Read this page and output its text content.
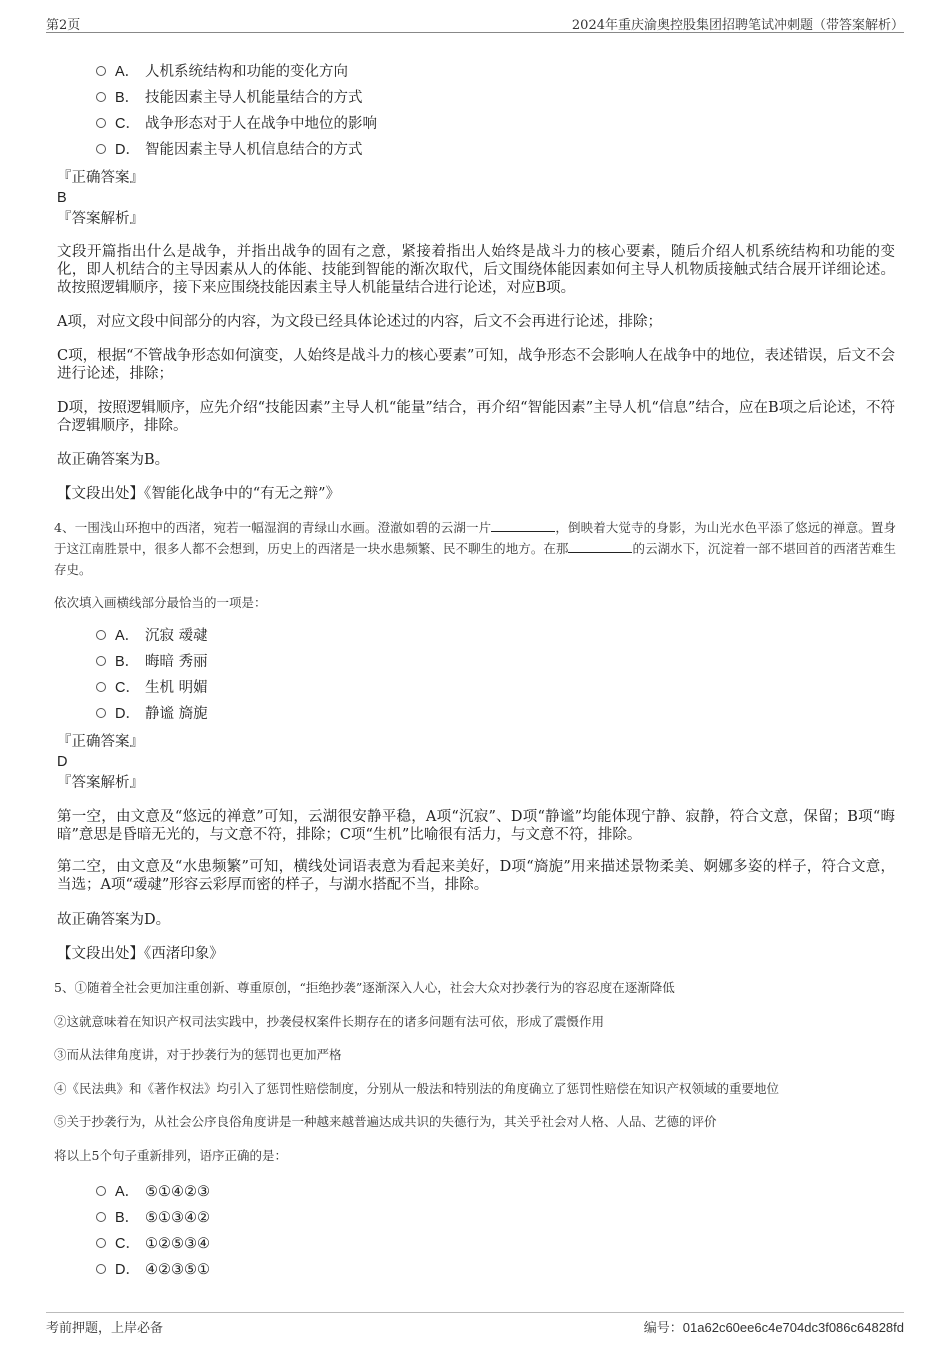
第2页	2024年重庆渝奥控股集团招聘笔试冲刺题（带答案解析）
A． 人机系统结构和功能的变化方向
B． 技能因素主导人机能量结合的方式
C． 战争形态对于人在战争中地位的影响
D． 智能因素主导人机信息结合的方式
『正确答案』
B
『答案解析』
文段开篇指出什么是战争，并指出战争的固有之意，紧接着指出人始终是战斗力的核心要素，随后介绍人机系统结构和功能的变化，即人机结合的主导因素从人的体能、技能到智能的渐次取代，后文围绕体能因素如何主导人机物质接触式结合展开详细论述。故按照逻辑顺序，接下来应围绕技能因素主导人机能量结合进行论述，对应B项。
A项，对应文段中间部分的内容，为文段已经具体论述过的内容，后文不会再进行论述，排除；
C项，根据“不管战争形态如何演变，人始终是战斗力的核心要素”可知，战争形态不会影响人在战争中的地位，表述错误，后文不会进行论述，排除；
D项，按照逻辑顺序，应先介绍“技能因素”主导人机“能量”结合，再介绍“智能因素”主导人机“信息”结合，应在B项之后论述，不符合逻辑顺序，排除。
故正确答案为B。
【文段出处】《智能化战争中的“有无之辩”》
4、一围浅山环抱中的西渚，宛若一幅湿润的青绿山水画。澄澈如碧的云湖一片	，倒映着大觉寺的身影，为山光水色平添了悠远的禅意。置身于这江南胜景中，很多人都不会想到，历史上的西渚是一块水患频繁、民不聊生的地方。在那	的云湖水下，沉淀着一部不堪回首的西渚苦难生存史。
依次填入画横线部分最恰当的一项是：
A． 沉寂 叆叇
B． 晦暗 秀丽
C． 生机 明媚
D． 静谧 旖旎
『正确答案』
D
『答案解析』
第一空，由文意及“悠远的禅意”可知，云湖很安静平稳，A项“沉寂”、D项“静谧”均能体现宁静、寂静，符合文意，保留；B项“晦暗”意思是昏暗无光的，与文意不符，排除；C项“生机”比喻很有活力，与文意不符，排除。
第二空，由文意及“水患频繁”可知，横线处词语表意为看起来美好，D项“旖旎”用来描述景物柔美、婀娜多姿的样子，符合文意，当选；A项“叆叇”形容云彩厚而密的样子，与湖水搭配不当，排除。
故正确答案为D。
【文段出处】《西渚印象》
5、①随着全社会更加注重创新、尊重原创，“拒绝抄袭”逐渐深入人心，社会大众对抄袭行为的容忍度在逐渐降低
②这就意味着在知识产权司法实践中，抄袭侵权案件长期存在的诸多问题有法可依，形成了震慑作用
③而从法律角度讲，对于抄袭行为的惩罚也更加严格
④《民法典》和《著作权法》均引入了惩罚性赔偿制度，分别从一般法和特别法的角度确立了惩罚性赔偿在知识产权领域的重要地位
⑤关于抄袭行为，从社会公序良俗角度讲是一种越来越普遍达成共识的失德行为，其关乎社会对人格、人品、艺德的评价
将以上5个句子重新排列，语序正确的是：
A． ⑤①④②③
B． ⑤①③④②
C． ①②⑤③④
D． ④②③⑤①
考前押题，上岸必备	编号：01a62c60ee6c4e704dc3f086c64828fd
